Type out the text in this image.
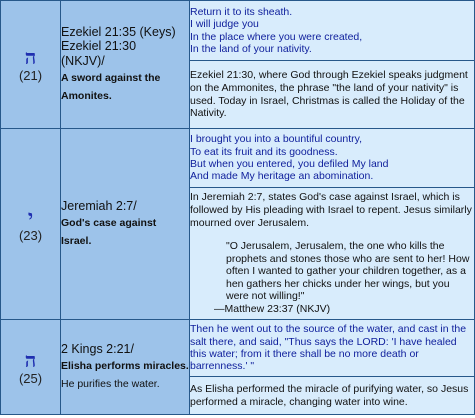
ה
(21)	Ezekiel 21:35 (Keys)
Ezekiel 21:30
(NKJV)/
A sword against the Amonites.	Return it to its sheath.
I will judge you
In the place where you were created,
In the land of your nativity.

		Ezekiel 21:30, where God through Ezekiel speaks judgment on the Ammonites, the phrase "the land of your nativity" is used. Today in Israel, Christmas is called the Holiday of the Nativity.

י
(23)	Jeremiah 2:7/
God's case against Israel.	I brought you into a bountiful country,
To eat its fruit and its goodness.
But when you entered, you defiled My land
And made My heritage an abomination.

		In Jeremiah 2:7, states God's case against Israel, which is followed by His pleading with Israel to repent. Jesus similarly mourned over Jerusalem.
"O Jerusalem, Jerusalem, the one who kills the prophets and stones those who are sent to her! How often I wanted to gather your children together, as a hen gathers her chicks under her wings, but you were not willing!"
—Matthew 23:37 (NKJV)

ה
(25)	2 Kings 2:21/
Elisha performs miracles. He purifies the water.	Then he went out to the source of the water, and cast in the salt there, and said, "Thus says the LORD: 'I have healed this water; from it there shall be no more death or barrenness.' "

		As Elisha performed the miracle of purifying water, so Jesus performed a miracle, changing water into wine.
